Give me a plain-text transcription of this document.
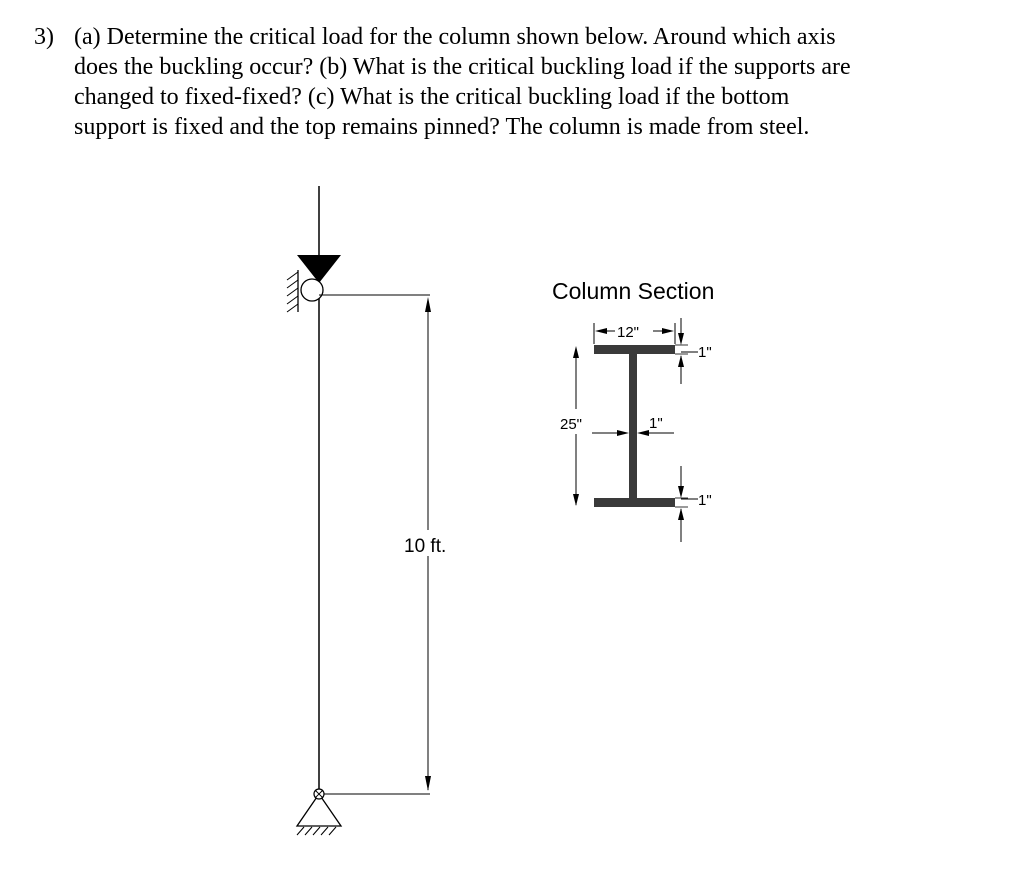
3) (a) Determine the critical load for the column shown below. Around which axis
does the buckling occur? (b) What is the critical buckling load if the supports are
changed to fixed-fixed? (c) What is the critical buckling load if the bottom
support is fixed and the top remains pinned? The column is made from steel.
10 ft.
Column Section
12"
1"
25"	1"
1"
